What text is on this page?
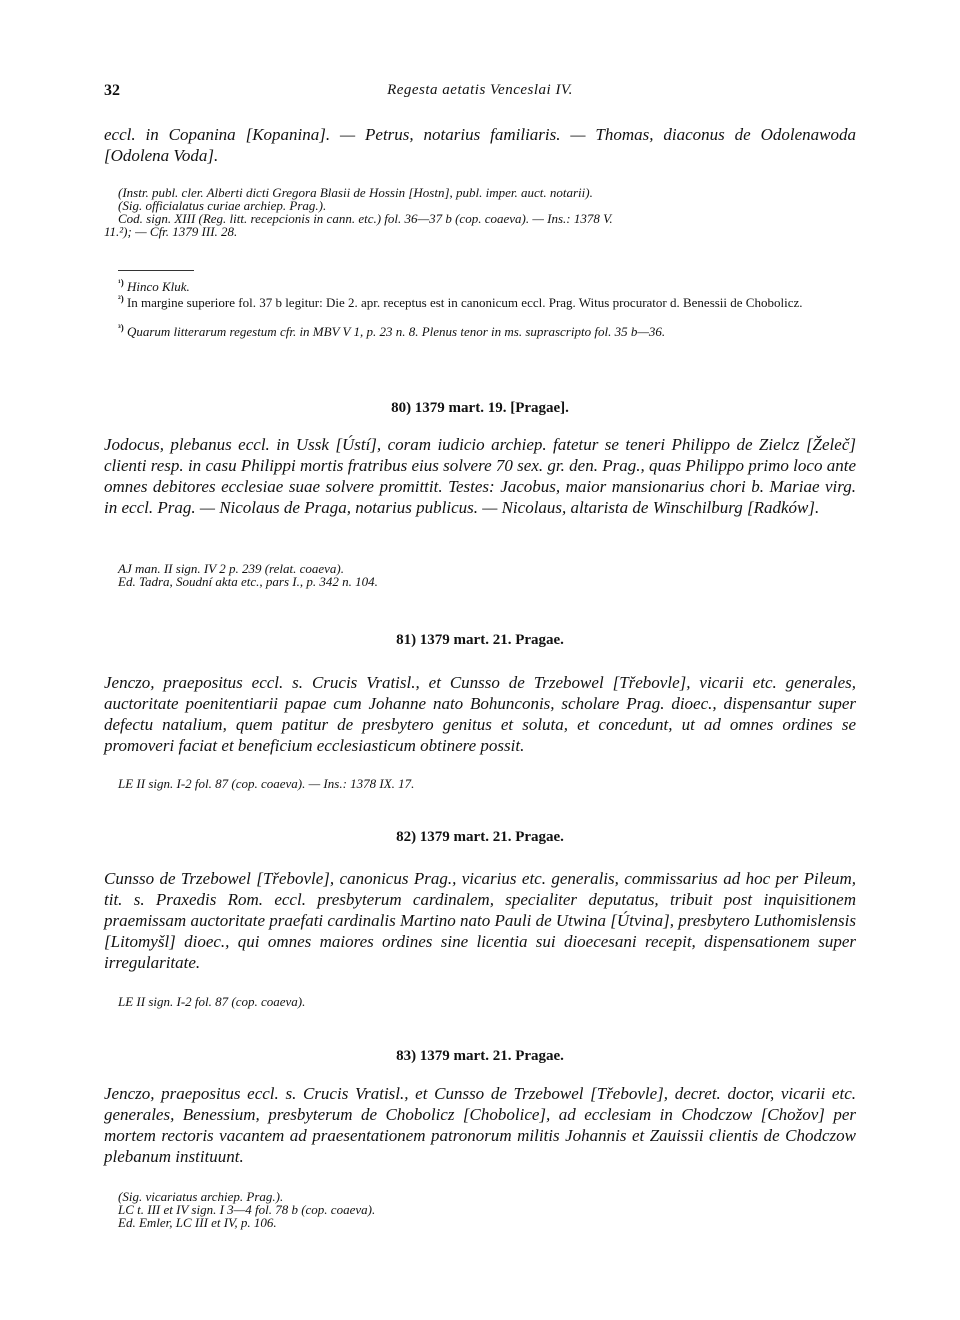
32	Regesta aetatis Venceslai IV.
eccl. in Copanina [Kopanina]. — Petrus, notarius familiaris. — Thomas, diaconus de Odolenawoda [Odolena Voda].
(Instr. publ. cler. Alberti dicti Gregora Blasii de Hossin [Hostn], publ. imper. auct. notarii).
(Sig. officialatus curiae archiep. Prag.).
Cod. sign. XIII (Reg. litt. recepcionis in cann. etc.) fol. 36—37 b (cop. coaeva). — Ins.: 1378 V.
11.²); — Cfr. 1379 III. 28.
$^{^1)}$ Hinco Kluk.
$^{^2)}$ In margine superiore fol. 37 b legitur: Die 2. apr. receptus est in canonicum eccl. Prag. Witus procurator d. Benessii de Chobolicz.
$^{^3)}$ Quarum litterarum regestum cfr. in MBV V 1, p. 23 n. 8. Plenus tenor in ms. suprascripto fol. 35 b—36.
80) 1379 mart. 19. [Pragae].
Jodocus, plebanus eccl. in Ussk [Ústí], coram iudicio archiep. fatetur se teneri Philippo de Zielcz [Želeč] clienti resp. in casu Philippi mortis fratribus eius solvere 70 sex. gr. den. Prag., quas Philippo primo loco ante omnes debitores ecclesiae suae solvere promittit. Testes: Jacobus, maior mansionarius chori b. Mariae virg. in eccl. Prag. — Nicolaus de Praga, notarius publicus. — Nicolaus, altarista de Winschilburg [Radków].
AJ man. II sign. IV 2 p. 239 (relat. coaeva).
Ed. Tadra, Soudní akta etc., pars I., p. 342 n. 104.
81) 1379 mart. 21. Pragae.
Jenczo, praepositus eccl. s. Crucis Vratisl., et Cunsso de Trzebowel [Třebovle], vicarii etc. generales, auctoritate poenitentiarii papae cum Johanne nato Bohunconis, scholare Prag. dioec., dispensantur super defectu natalium, quem patitur de presbytero genitus et soluta, et concedunt, ut ad omnes ordines se promoveri faciat et beneficium ecclesiasticum obtinere possit.
LE II sign. I-2 fol. 87 (cop. coaeva). — Ins.: 1378 IX. 17.
82) 1379 mart. 21. Pragae.
Cunsso de Trzebowel [Třebovle], canonicus Prag., vicarius etc. generalis, commissarius ad hoc per Pileum, tit. s. Praxedis Rom. eccl. presbyterum cardinalem, specialiter deputatus, tribuit post inquisitionem praemissam auctoritate praefati cardinalis Martino nato Pauli de Utwina [Útvina], presbytero Luthomislensis [Litomyšl] dioec., qui omnes maiores ordines sine licentia sui dioecesani recepit, dispensationem super irregularitate.
LE II sign. I-2 fol. 87 (cop. coaeva).
83) 1379 mart. 21. Pragae.
Jenczo, praepositus eccl. s. Crucis Vratisl., et Cunsso de Trzebowel [Třebovle], decret. doctor, vicarii etc. generales, Benessium, presbyterum de Chobolicz [Chobolice], ad ecclesiam in Chodczow [Chožov] per mortem rectoris vacantem ad praesentationem patronorum militis Johannis et Zauissii clientis de Chodczow plebanum instituunt.
(Sig. vicariatus archiep. Prag.).
LC t. III et IV sign. I 3—4 fol. 78 b (cop. coaeva).
Ed. Emler, LC III et IV, p. 106.
